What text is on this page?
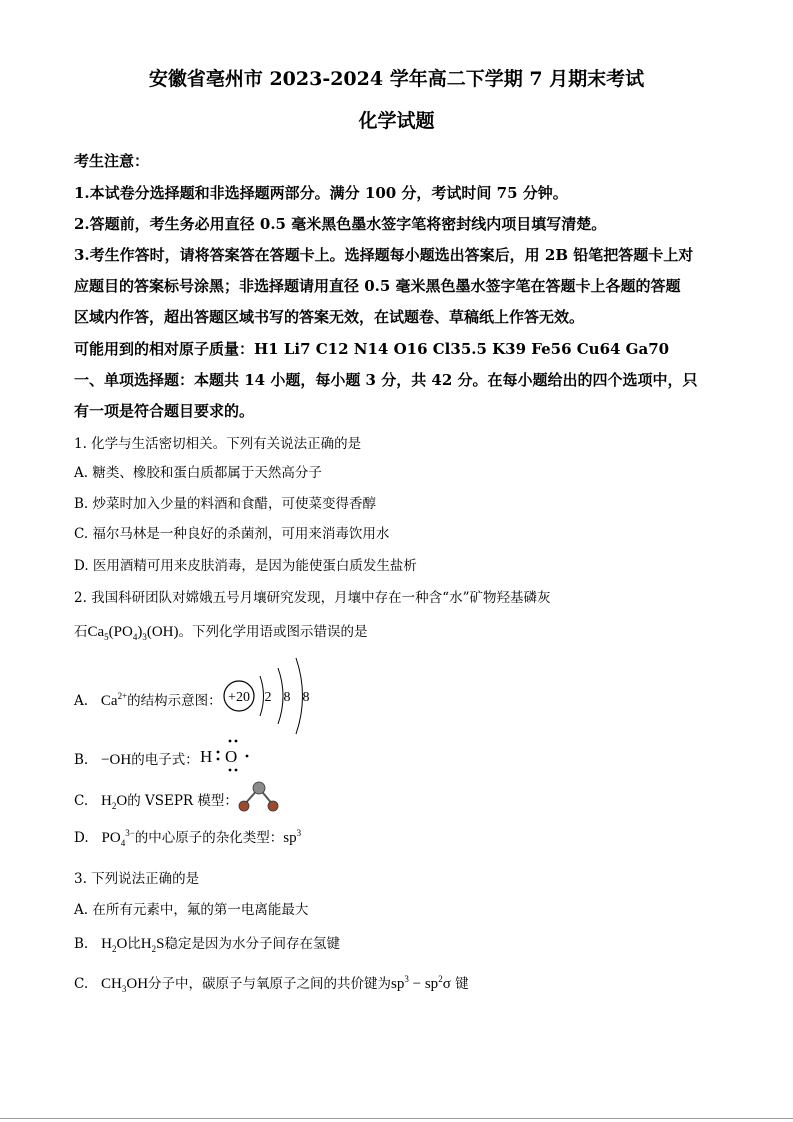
安徽省亳州市 2023-2024 学年高二下学期 7 月期末考试
化学试题
考生注意：
1.本试卷分选择题和非选择题两部分。满分 100 分，考试时间 75 分钟。
2.答题前，考生务必用直径 0.5 毫米黑色墨水签字笔将密封线内项目填写清楚。
3.考生作答时，请将答案答在答题卡上。选择题每小题选出答案后，用 2B 铅笔把答题卡上对
应题目的答案标号涂黑；非选择题请用直径 0.5 毫米黑色墨水签字笔在答题卡上各题的答题
区域内作答，超出答题区域书写的答案无效，在试题卷、草稿纸上作答无效。
可能用到的相对原子质量：H1 Li7 C12 N14 O16 Cl35.5 K39 Fe56 Cu64 Ga70
一、单项选择题：本题共 14 小题，每小题 3 分，共 42 分。在每小题给出的四个选项中，只
有一项是符合题目要求的。
1. 化学与生活密切相关。下列有关说法正确的是
A. 糖类、橡胶和蛋白质都属于天然高分子
B. 炒菜时加入少量的料酒和食醋，可使菜变得香醇
C. 福尔马林是一种良好的杀菌剂，可用来消毒饮用水
D. 医用酒精可用来皮肤消毒，是因为能使蛋白质发生盐析
2. 我国科研团队对嫦娥五号月壤研究发现，月壤中存在一种含“水”矿物羟基磷灰
石$Ca_5(PO_4)_3(OH)$。下列化学用语或图示错误的是
A. $Ca^{2+}$的结构示意图： +20 2 8 8
B. −OH的电子式： H O
C. $H_2O$的 VSEPR 模型：
D. $PO_4^{3-}$的中心原子的杂化类型：$sp^3$
3. 下列说法正确的是
A. 在所有元素中，氟的第一电离能最大
B. $H_2O$比$H_2S$稳定是因为水分子间存在氢键
C. $CH_3OH$分子中，碳原子与氧原子之间的共价键为$sp^3 - sp^2\sigma$ 键
